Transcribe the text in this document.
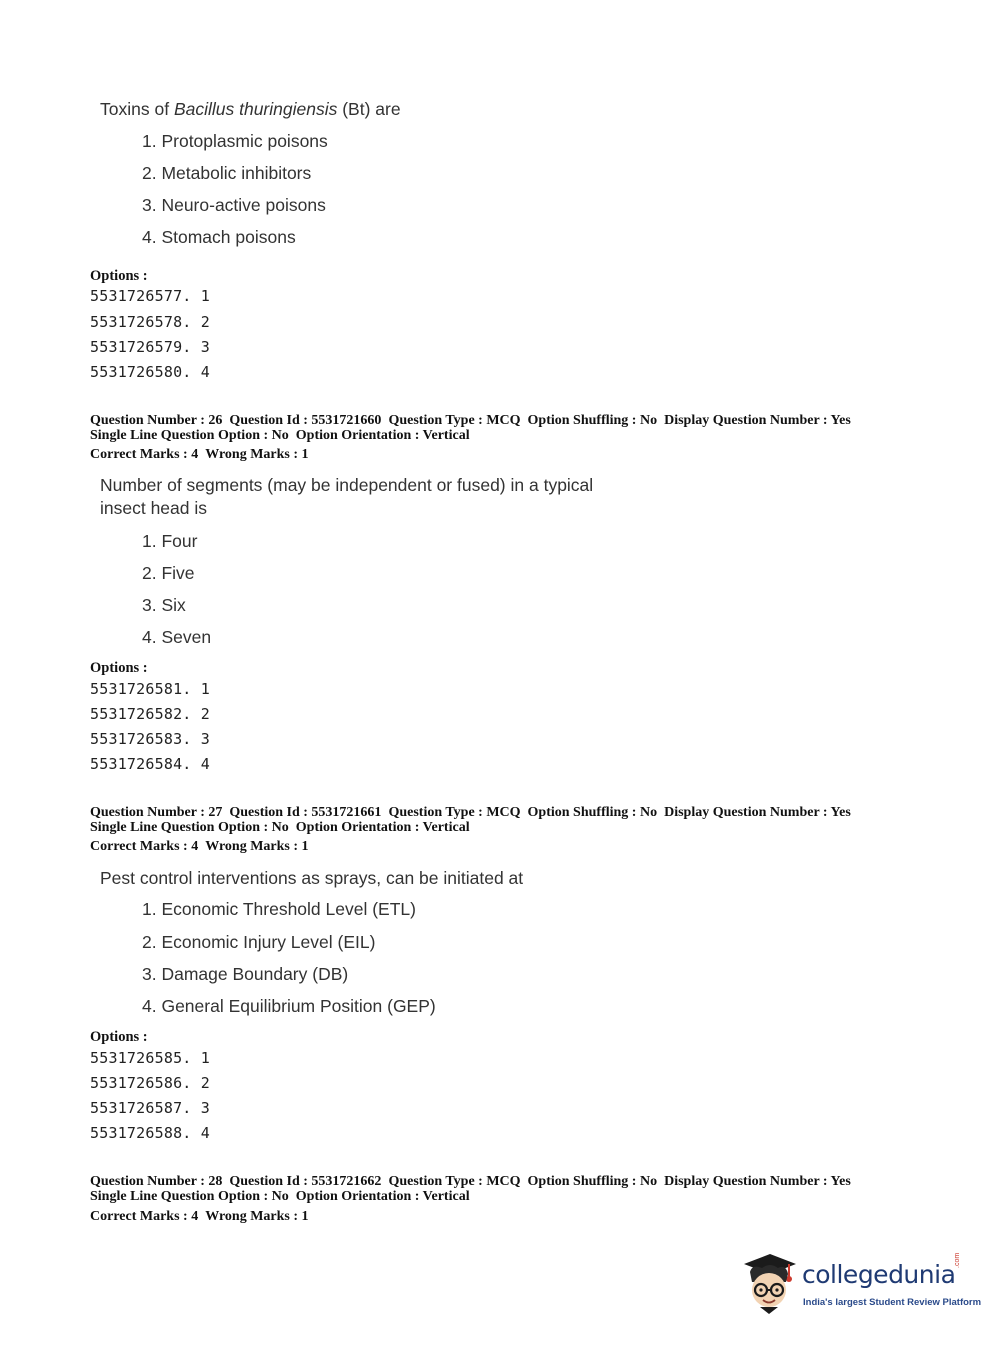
Toxins of Bacillus thuringiensis (Bt) are
1. Protoplasmic poisons
2. Metabolic inhibitors
3. Neuro-active poisons
4. Stomach poisons
Options :
5531726577. 1
5531726578. 2
5531726579. 3
5531726580. 4
Question Number : 26 Question Id : 5531721660 Question Type : MCQ Option Shuffling : No Display Question Number : Yes
Single Line Question Option : No Option Orientation : Vertical
Correct Marks : 4 Wrong Marks : 1
Number of segments (may be independent or fused) in a typical
insect head is
1. Four
2. Five
3. Six
4. Seven
Options :
5531726581. 1
5531726582. 2
5531726583. 3
5531726584. 4
Question Number : 27 Question Id : 5531721661 Question Type : MCQ Option Shuffling : No Display Question Number : Yes
Single Line Question Option : No Option Orientation : Vertical
Correct Marks : 4 Wrong Marks : 1
Pest control interventions as sprays, can be initiated at
1. Economic Threshold Level (ETL)
2. Economic Injury Level (EIL)
3. Damage Boundary (DB)
4. General Equilibrium Position (GEP)
Options :
5531726585. 1
5531726586. 2
5531726587. 3
5531726588. 4
Question Number : 28 Question Id : 5531721662 Question Type : MCQ Option Shuffling : No Display Question Number : Yes
Single Line Question Option : No Option Orientation : Vertical
Correct Marks : 4 Wrong Marks : 1
collegedunia
.com
India's largest Student Review Platform
